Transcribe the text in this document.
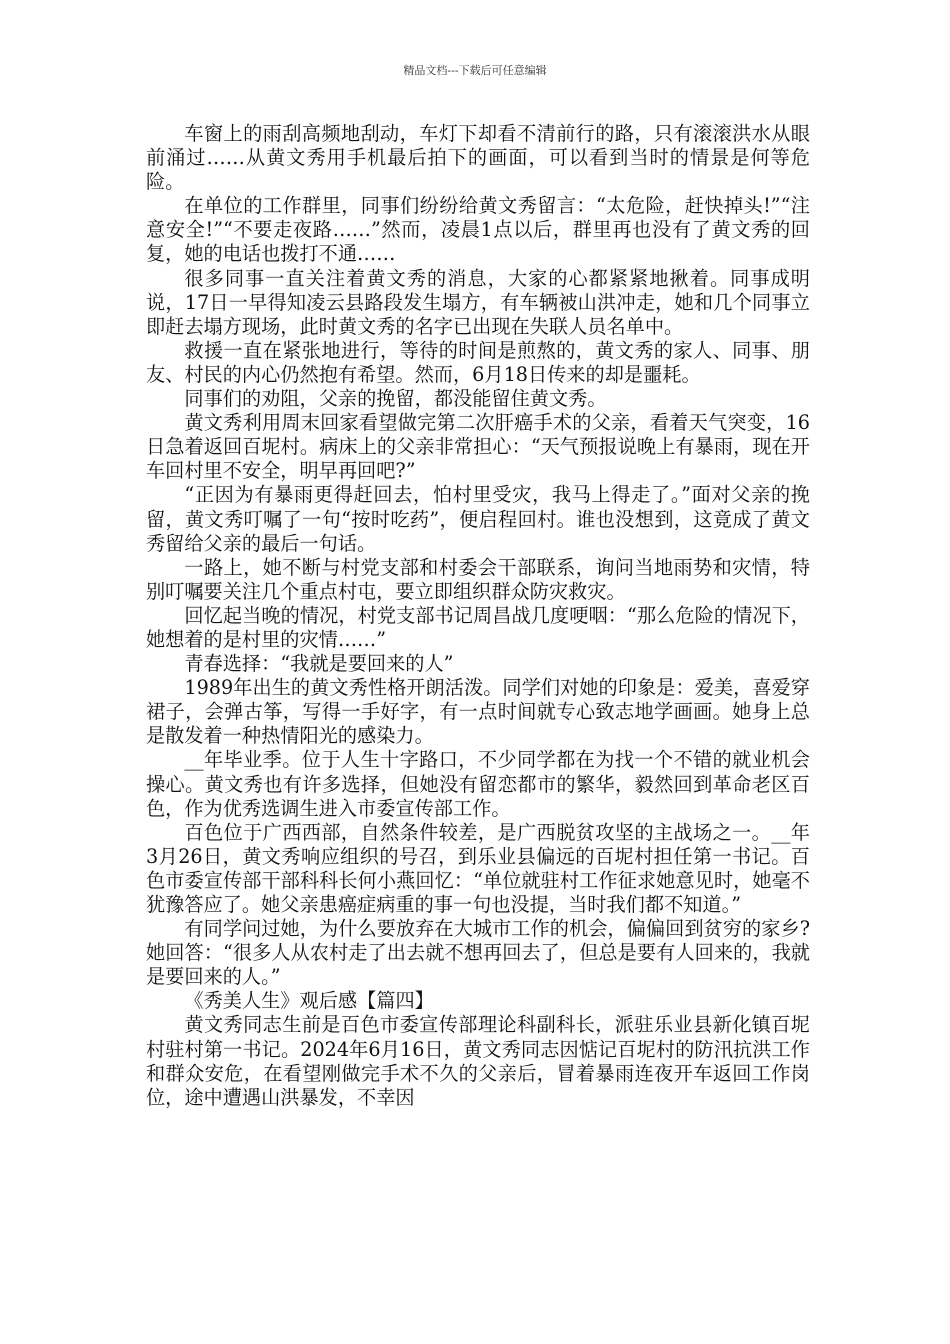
精品文档---下载后可任意编辑

车窗上的雨刮高频地刮动，车灯下却看不清前行的路，只有滚滚洪水从眼前涌过……从黄文秀用手机最后拍下的画面，可以看到当时的情景是何等危险。

在单位的工作群里，同事们纷纷给黄文秀留言：“太危险，赶快掉头!”“注意安全!”“不要走夜路……”然而，凌晨1点以后，群里再也没有了黄文秀的回复，她的电话也拨打不通……

很多同事一直关注着黄文秀的消息，大家的心都紧紧地揪着。同事成明说，17日一早得知凌云县路段发生塌方，有车辆被山洪冲走，她和几个同事立即赶去塌方现场，此时黄文秀的名字已出现在失联人员名单中。

救援一直在紧张地进行，等待的时间是煎熬的，黄文秀的家人、同事、朋友、村民的内心仍然抱有希望。然而，6月18日传来的却是噩耗。

同事们的劝阻，父亲的挽留，都没能留住黄文秀。

黄文秀利用周末回家看望做完第二次肝癌手术的父亲，看着天气突变，16日急着返回百坭村。病床上的父亲非常担心：“天气预报说晚上有暴雨，现在开车回村里不安全，明早再回吧?”

“正因为有暴雨更得赶回去，怕村里受灾，我马上得走了。”面对父亲的挽留，黄文秀叮嘱了一句“按时吃药”，便启程回村。谁也没想到，这竟成了黄文秀留给父亲的最后一句话。

一路上，她不断与村党支部和村委会干部联系，询问当地雨势和灾情，特别叮嘱要关注几个重点村屯，要立即组织群众防灾救灾。

回忆起当晚的情况，村党支部书记周昌战几度哽咽：“那么危险的情况下，她想着的是村里的灾情……”

青春选择：“我就是要回来的人”

1989年出生的黄文秀性格开朗活泼。同学们对她的印象是：爱美，喜爱穿裙子，会弹古筝，写得一手好字，有一点时间就专心致志地学画画。她身上总是散发着一种热情阳光的感染力。

__年毕业季。位于人生十字路口，不少同学都在为找一个不错的就业机会操心。黄文秀也有许多选择，但她没有留恋都市的繁华，毅然回到革命老区百色，作为优秀选调生进入市委宣传部工作。

百色位于广西西部，自然条件较差，是广西脱贫攻坚的主战场之一。__年3月26日，黄文秀响应组织的号召，到乐业县偏远的百坭村担任第一书记。百色市委宣传部干部科科长何小燕回忆：“单位就驻村工作征求她意见时，她毫不犹豫答应了。她父亲患癌症病重的事一句也没提，当时我们都不知道。”

有同学问过她，为什么要放弃在大城市工作的机会，偏偏回到贫穷的家乡?她回答：“很多人从农村走了出去就不想再回去了，但总是要有人回来的，我就是要回来的人。”

《秀美人生》观后感【篇四】

黄文秀同志生前是百色市委宣传部理论科副科长，派驻乐业县新化镇百坭村驻村第一书记。2024年6月16日，黄文秀同志因惦记百坭村的防汛抗洪工作和群众安危，在看望刚做完手术不久的父亲后，冒着暴雨连夜开车返回工作岗位，途中遭遇山洪暴发，不幸因
